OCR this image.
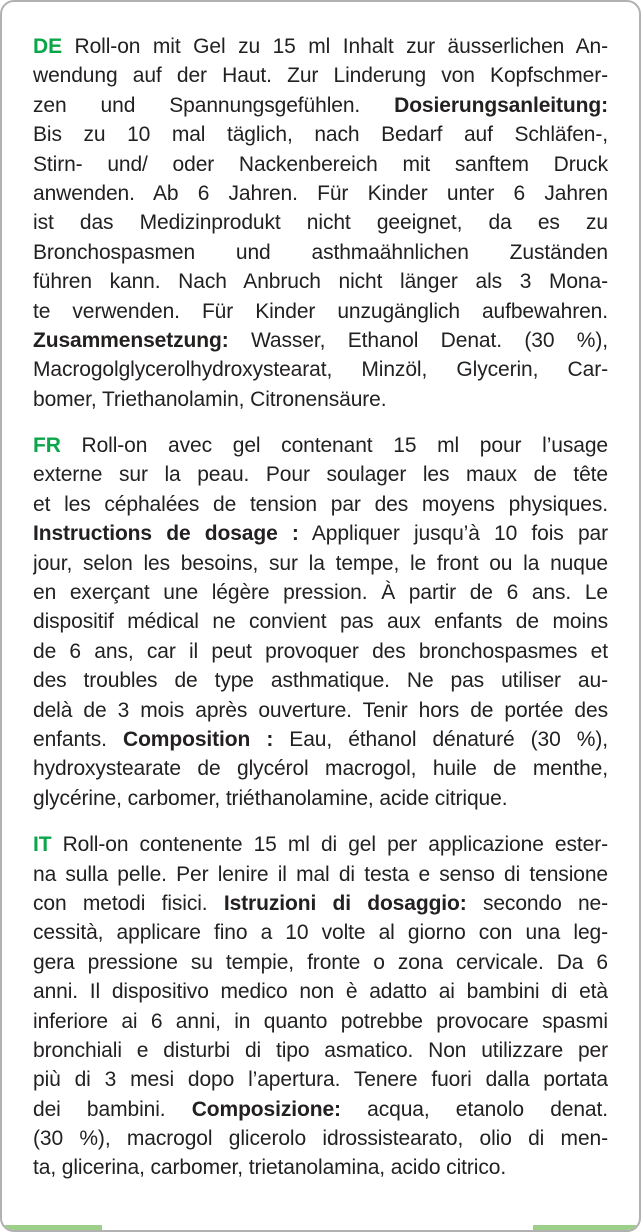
DE Roll-on mit Gel zu 15 ml Inhalt zur äusserlichen An-
wendung auf der Haut. Zur Linderung von Kopfschmer-
zen und Spannungsgefühlen. Dosierungsanleitung:
Bis zu 10 mal täglich, nach Bedarf auf Schläfen-,
Stirn- und/ oder Nackenbereich mit sanftem Druck
anwenden. Ab 6 Jahren. Für Kinder unter 6 Jahren
ist das Medizinprodukt nicht geeignet, da es zu
Bronchospasmen und asthmaähnlichen Zuständen
führen kann. Nach Anbruch nicht länger als 3 Mona-
te verwenden. Für Kinder unzugänglich aufbewahren.
Zusammensetzung: Wasser, Ethanol Denat. (30 %),
Macrogolglycerolhydroxystearat, Minzöl, Glycerin, Car-
bomer, Triethanolamin, Citronensäure.
FR Roll-on avec gel contenant 15 ml pour l’usage
externe sur la peau. Pour soulager les maux de tête
et les céphalées de tension par des moyens physiques.
Instructions de dosage : Appliquer jusqu’à 10 fois par
jour, selon les besoins, sur la tempe, le front ou la nuque
en exerçant une légère pression. À partir de 6 ans. Le
dispositif médical ne convient pas aux enfants de moins
de 6 ans, car il peut provoquer des bronchospasmes et
des troubles de type asthmatique. Ne pas utiliser au-
delà de 3 mois après ouverture. Tenir hors de portée des
enfants. Composition : Eau, éthanol dénaturé (30 %),
hydroxystearate de glycérol macrogol, huile de menthe,
glycérine, carbomer, triéthanolamine, acide citrique.
IT Roll-on contenente 15 ml di gel per applicazione ester-
na sulla pelle. Per lenire il mal di testa e senso di tensione
con metodi fisici. Istruzioni di dosaggio: secondo ne-
cessità, applicare fino a 10 volte al giorno con una leg-
gera pressione su tempie, fronte o zona cervicale. Da 6
anni. Il dispositivo medico non è adatto ai bambini di età
inferiore ai 6 anni, in quanto potrebbe provocare spasmi
bronchiali e disturbi di tipo asmatico. Non utilizzare per
più di 3 mesi dopo l’apertura. Tenere fuori dalla portata
dei bambini. Composizione: acqua, etanolo denat.
(30 %), macrogol glicerolo idrossistearato, olio di men-
ta, glicerina, carbomer, trietanolamina, acido citrico.
